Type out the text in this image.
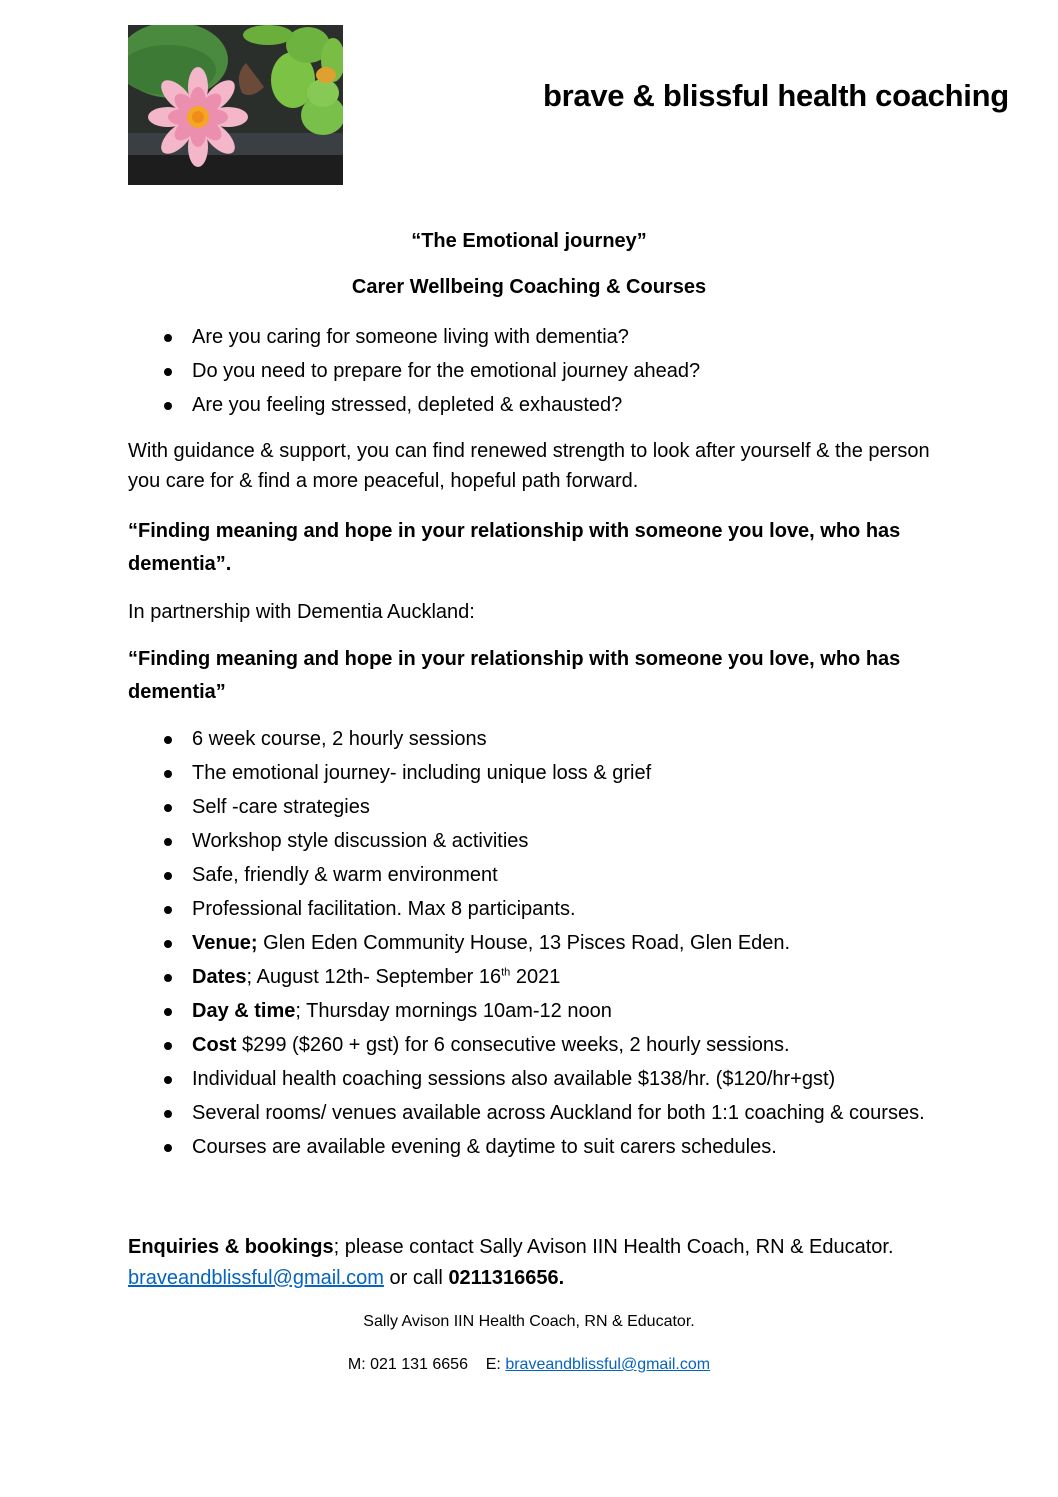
brave & blissful health coaching
“The Emotional journey”
Carer Wellbeing Coaching & Courses
Are you caring for someone living with dementia?
Do you need to prepare for the emotional journey ahead?
Are you feeling stressed, depleted & exhausted?
With guidance & support, you can find renewed strength to look after yourself & the person you care for & find a more peaceful, hopeful path forward.
“Finding meaning and hope in your relationship with someone you love, who has dementia”.
In partnership with Dementia Auckland:
“Finding meaning and hope in your relationship with someone you love, who has dementia”
6 week course, 2 hourly sessions
The emotional journey- including unique loss & grief
Self -care strategies
Workshop style discussion & activities
Safe, friendly & warm environment
Professional facilitation. Max 8 participants.
Venue; Glen Eden Community House, 13 Pisces Road, Glen Eden.
Dates; August 12th- September 16th 2021
Day & time; Thursday mornings 10am-12 noon
Cost $299 ($260 + gst) for 6 consecutive weeks, 2 hourly sessions.
Individual health coaching sessions also available $138/hr. ($120/hr+gst)
Several rooms/ venues available across Auckland for both 1:1 coaching & courses.
Courses are available evening & daytime to suit carers schedules.
Enquiries & bookings; please contact Sally Avison IIN Health Coach, RN & Educator.    braveandblissful@gmail.com or call 0211316656.
Sally Avison IIN Health Coach, RN & Educator.
M: 021 131 6656 E: braveandblissful@gmail.com
